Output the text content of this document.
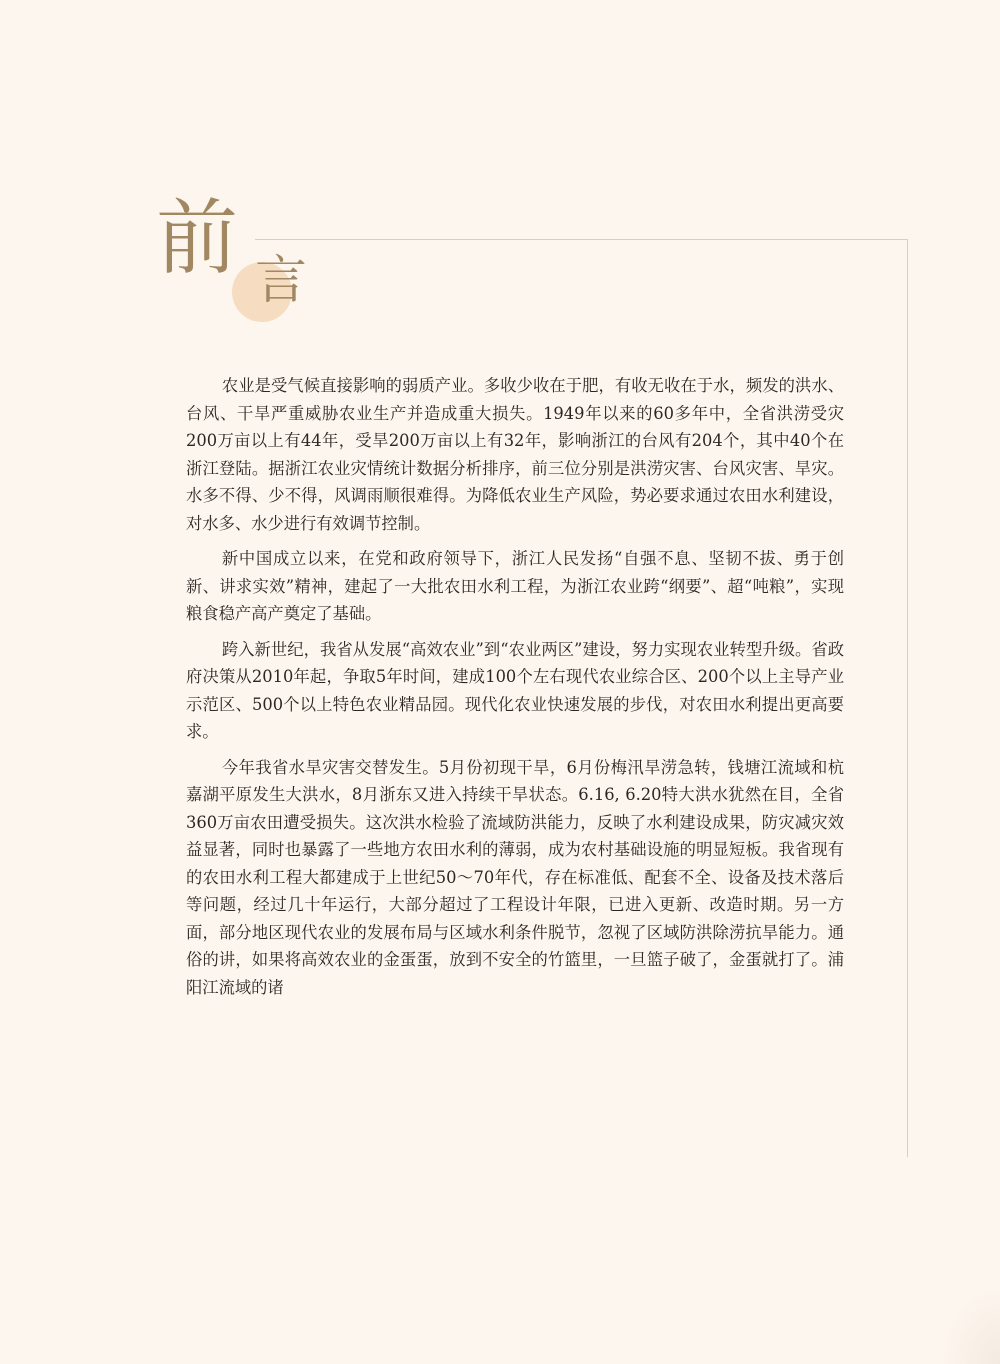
前 言

农业是受气候直接影响的弱质产业。多收少收在于肥，有收无收在于水，频发的洪水、台风、干旱严重威胁农业生产并造成重大损失。1949年以来的60多年中，全省洪涝受灾200万亩以上有44年，受旱200万亩以上有32年，影响浙江的台风有204个，其中40个在浙江登陆。据浙江农业灾情统计数据分析排序，前三位分别是洪涝灾害、台风灾害、旱灾。水多不得、少不得，风调雨顺很难得。为降低农业生产风险，势必要求通过农田水利建设，对水多、水少进行有效调节控制。

新中国成立以来，在党和政府领导下，浙江人民发扬“自强不息、坚韧不拔、勇于创新、讲求实效”精神，建起了一大批农田水利工程，为浙江农业跨“纲要”、超“吨粮”，实现粮食稳产高产奠定了基础。

跨入新世纪，我省从发展“高效农业”到“农业两区”建设，努力实现农业转型升级。省政府决策从2010年起，争取5年时间，建成100个左右现代农业综合区、200个以上主导产业示范区、500个以上特色农业精品园。现代化农业快速发展的步伐，对农田水利提出更高要求。

今年我省水旱灾害交替发生。5月份初现干旱，6月份梅汛旱涝急转，钱塘江流域和杭嘉湖平原发生大洪水，8月浙东又进入持续干旱状态。6.16, 6.20特大洪水犹然在目，全省360万亩农田遭受损失。这次洪水检验了流域防洪能力，反映了水利建设成果，防灾减灾效益显著，同时也暴露了一些地方农田水利的薄弱，成为农村基础设施的明显短板。我省现有的农田水利工程大都建成于上世纪50～70年代，存在标准低、配套不全、设备及技术落后等问题，经过几十年运行，大部分超过了工程设计年限，已进入更新、改造时期。另一方面，部分地区现代农业的发展布局与区域水利条件脱节，忽视了区域防洪除涝抗旱能力。通俗的讲，如果将高效农业的金蛋蛋，放到不安全的竹篮里，一旦篮子破了，金蛋就打了。浦阳江流域的诸
